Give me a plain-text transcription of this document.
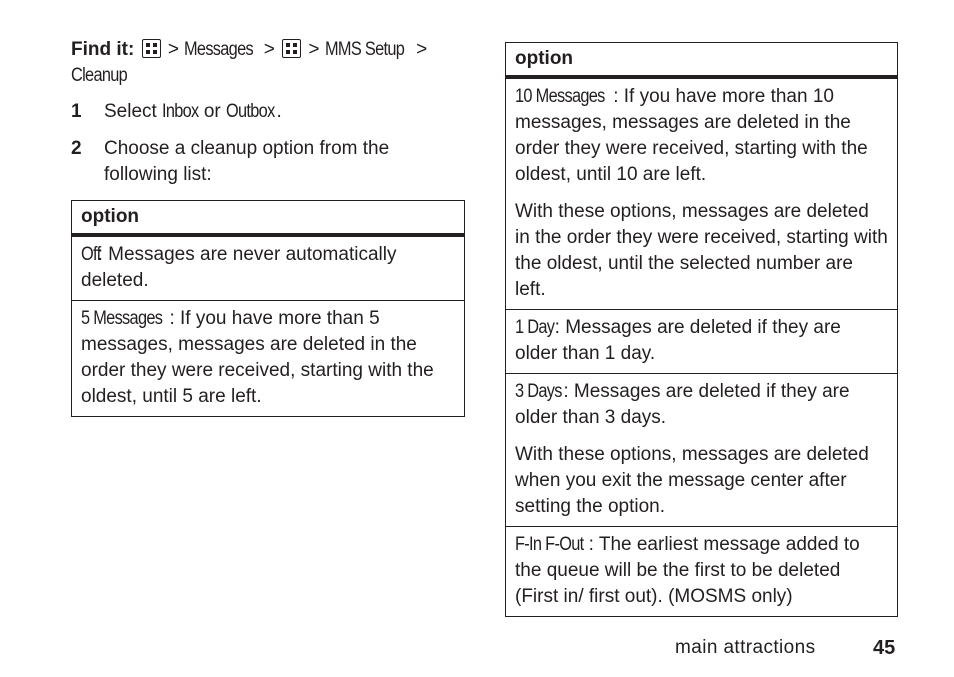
Find it: > Messages > > MMS Setup >
Cleanup
1 Select Inbox or Outbox .
2 Choose a cleanup option from the following list:
option

Off: Messages are never automatically deleted.

5 Messages : If you have more than 5 messages, messages are deleted in the order they were received, starting with the oldest, until 5 are left.

option

10 Messages : If you have more than 10 messages, messages are deleted in the order they were received, starting with the oldest, until 10 are left.

With these options, messages are deleted in the order they were received, starting with the oldest, until the selected number are left.

1 Day: Messages are deleted if they are older than 1 day.

3 Days: Messages are deleted if they are older than 3 days.

With these options, messages are deleted when you exit the message center after setting the option.

F-In F-Out : The earliest message added to the queue will be the first to be deleted (First in/ first out). (MOSMS only)

main attractions	45
